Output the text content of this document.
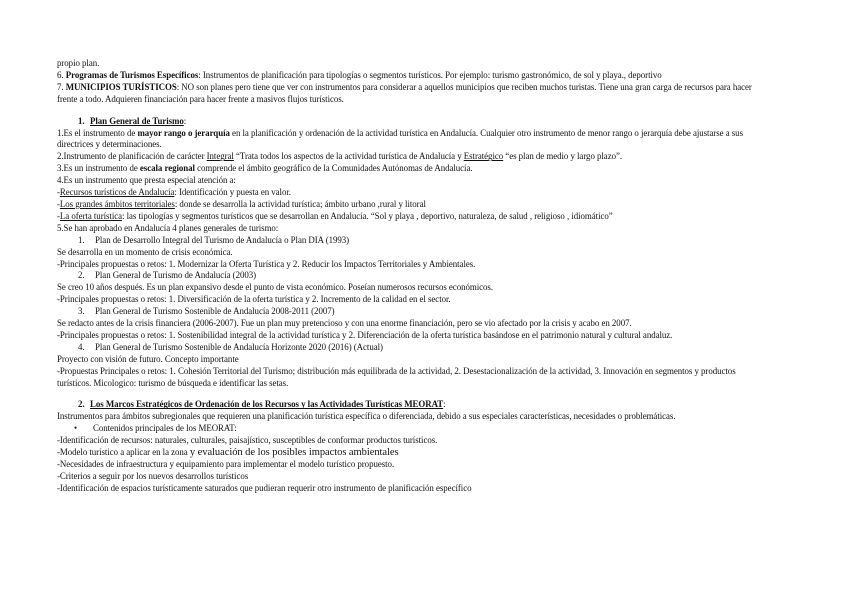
propio plan.

6. Programas de Turismos Específicos: Instrumentos de planificación para tipologías o segmentos turísticos. Por ejemplo: turismo gastronómico, de sol y playa., deportivo

7. MUNICIPIOS TURÍSTICOS: NO son planes pero tiene que ver con instrumentos para considerar a aquellos municipios que reciben muchos turistas. Tiene una gran carga de recursos para hacer frente a todo. Adquieren financiación para hacer frente a masivos flujos turísticos.

1. Plan General de Turismo:

1.Es el instrumento de mayor rango o jerarquía en la planificación y ordenación de la actividad turística en Andalucía. Cualquier otro instrumento de menor rango o jerarquía debe ajustarse a sus directrices y determinaciones.

2.Instrumento de planificación de carácter Integral “Trata todos los aspectos de la actividad turística de Andalucía y Estratégico “es plan de medio y largo plazo”.

3.Es un instrumento de escala regional comprende el ámbito geográfico de la Comunidades Autónomas de Andalucía.

4.Es un instrumento que presta especial atención a:

-Recursos turísticos de Andalucía: Identificación y puesta en valor.

-Los grandes ámbitos territoriales: donde se desarrolla la actividad turística; ámbito urbano ,rural y litoral

-La oferta turística: las tipologías y segmentos turísticos que se desarrollan en Andalucía. “Sol y playa , deportivo, naturaleza, de salud , religioso , idiomático”

5.Se han aprobado en Andalucía 4 planes generales de turismo:

1. Plan de Desarrollo Integral del Turismo de Andalucía o Plan DIA (1993)

Se desarrolla en un momento de crisis económica.

-Principales propuestas o retos: 1. Modernizar la Oferta Turística y 2. Reducir los Impactos Territoriales y Ambientales.

2. Plan General de Turismo de Andalucía (2003)

Se creo 10 años después. Es un plan expansivo desde el punto de vista económico. Poseían numerosos recursos económicos.

-Principales propuestas o retos: 1. Diversificación de la oferta turística y 2. Incremento de la calidad en el sector.

3. Plan General de Turismo Sostenible de Andalucía 2008-2011 (2007)

Se redacto antes de la crisis financiera (2006-2007). Fue un plan muy pretencioso y con una enorme financiación, pero se vio afectado por la crisis y acabo en 2007.

-Principales propuestas o retos: 1. Sostenibilidad integral de la actividad turística y 2. Diferenciación de la oferta turística basándose en el patrimonio natural y cultural andaluz.

4. Plan General de Turismo Sostenible de Andalucía Horizonte 2020 (2016) (Actual)

Proyecto con visión de futuro. Concepto importante

-Propuestas Principales o retos: 1. Cohesión Territorial del Turismo; distribución más equilibrada de la actividad, 2. Desestacionalización de la actividad, 3. Innovación en segmentos y productos turísticos. Micologico: turismo de búsqueda e identificar las setas.

2. Los Marcos Estratégicos de Ordenación de los Recursos y las Actividades Turísticas MEORAT:

Instrumentos para ámbitos subregionales que requieren una planificación turística específica o diferenciada, debido a sus especiales características, necesidades o problemáticas.

• Contenidos principales de los MEORAT:

-Identificación de recursos: naturales, culturales, paisajístico, susceptibles de conformar productos turísticos.

-Modelo turístico a aplicar en la zona y evaluación de los posibles impactos ambientales

-Necesidades de infraestructura y equipamiento para implementar el modelo turístico propuesto.

-Criterios a seguir por los nuevos desarrollos turísticos

-Identificación de espacios turísticamente saturados que pudieran requerir otro instrumento de planificación específico
